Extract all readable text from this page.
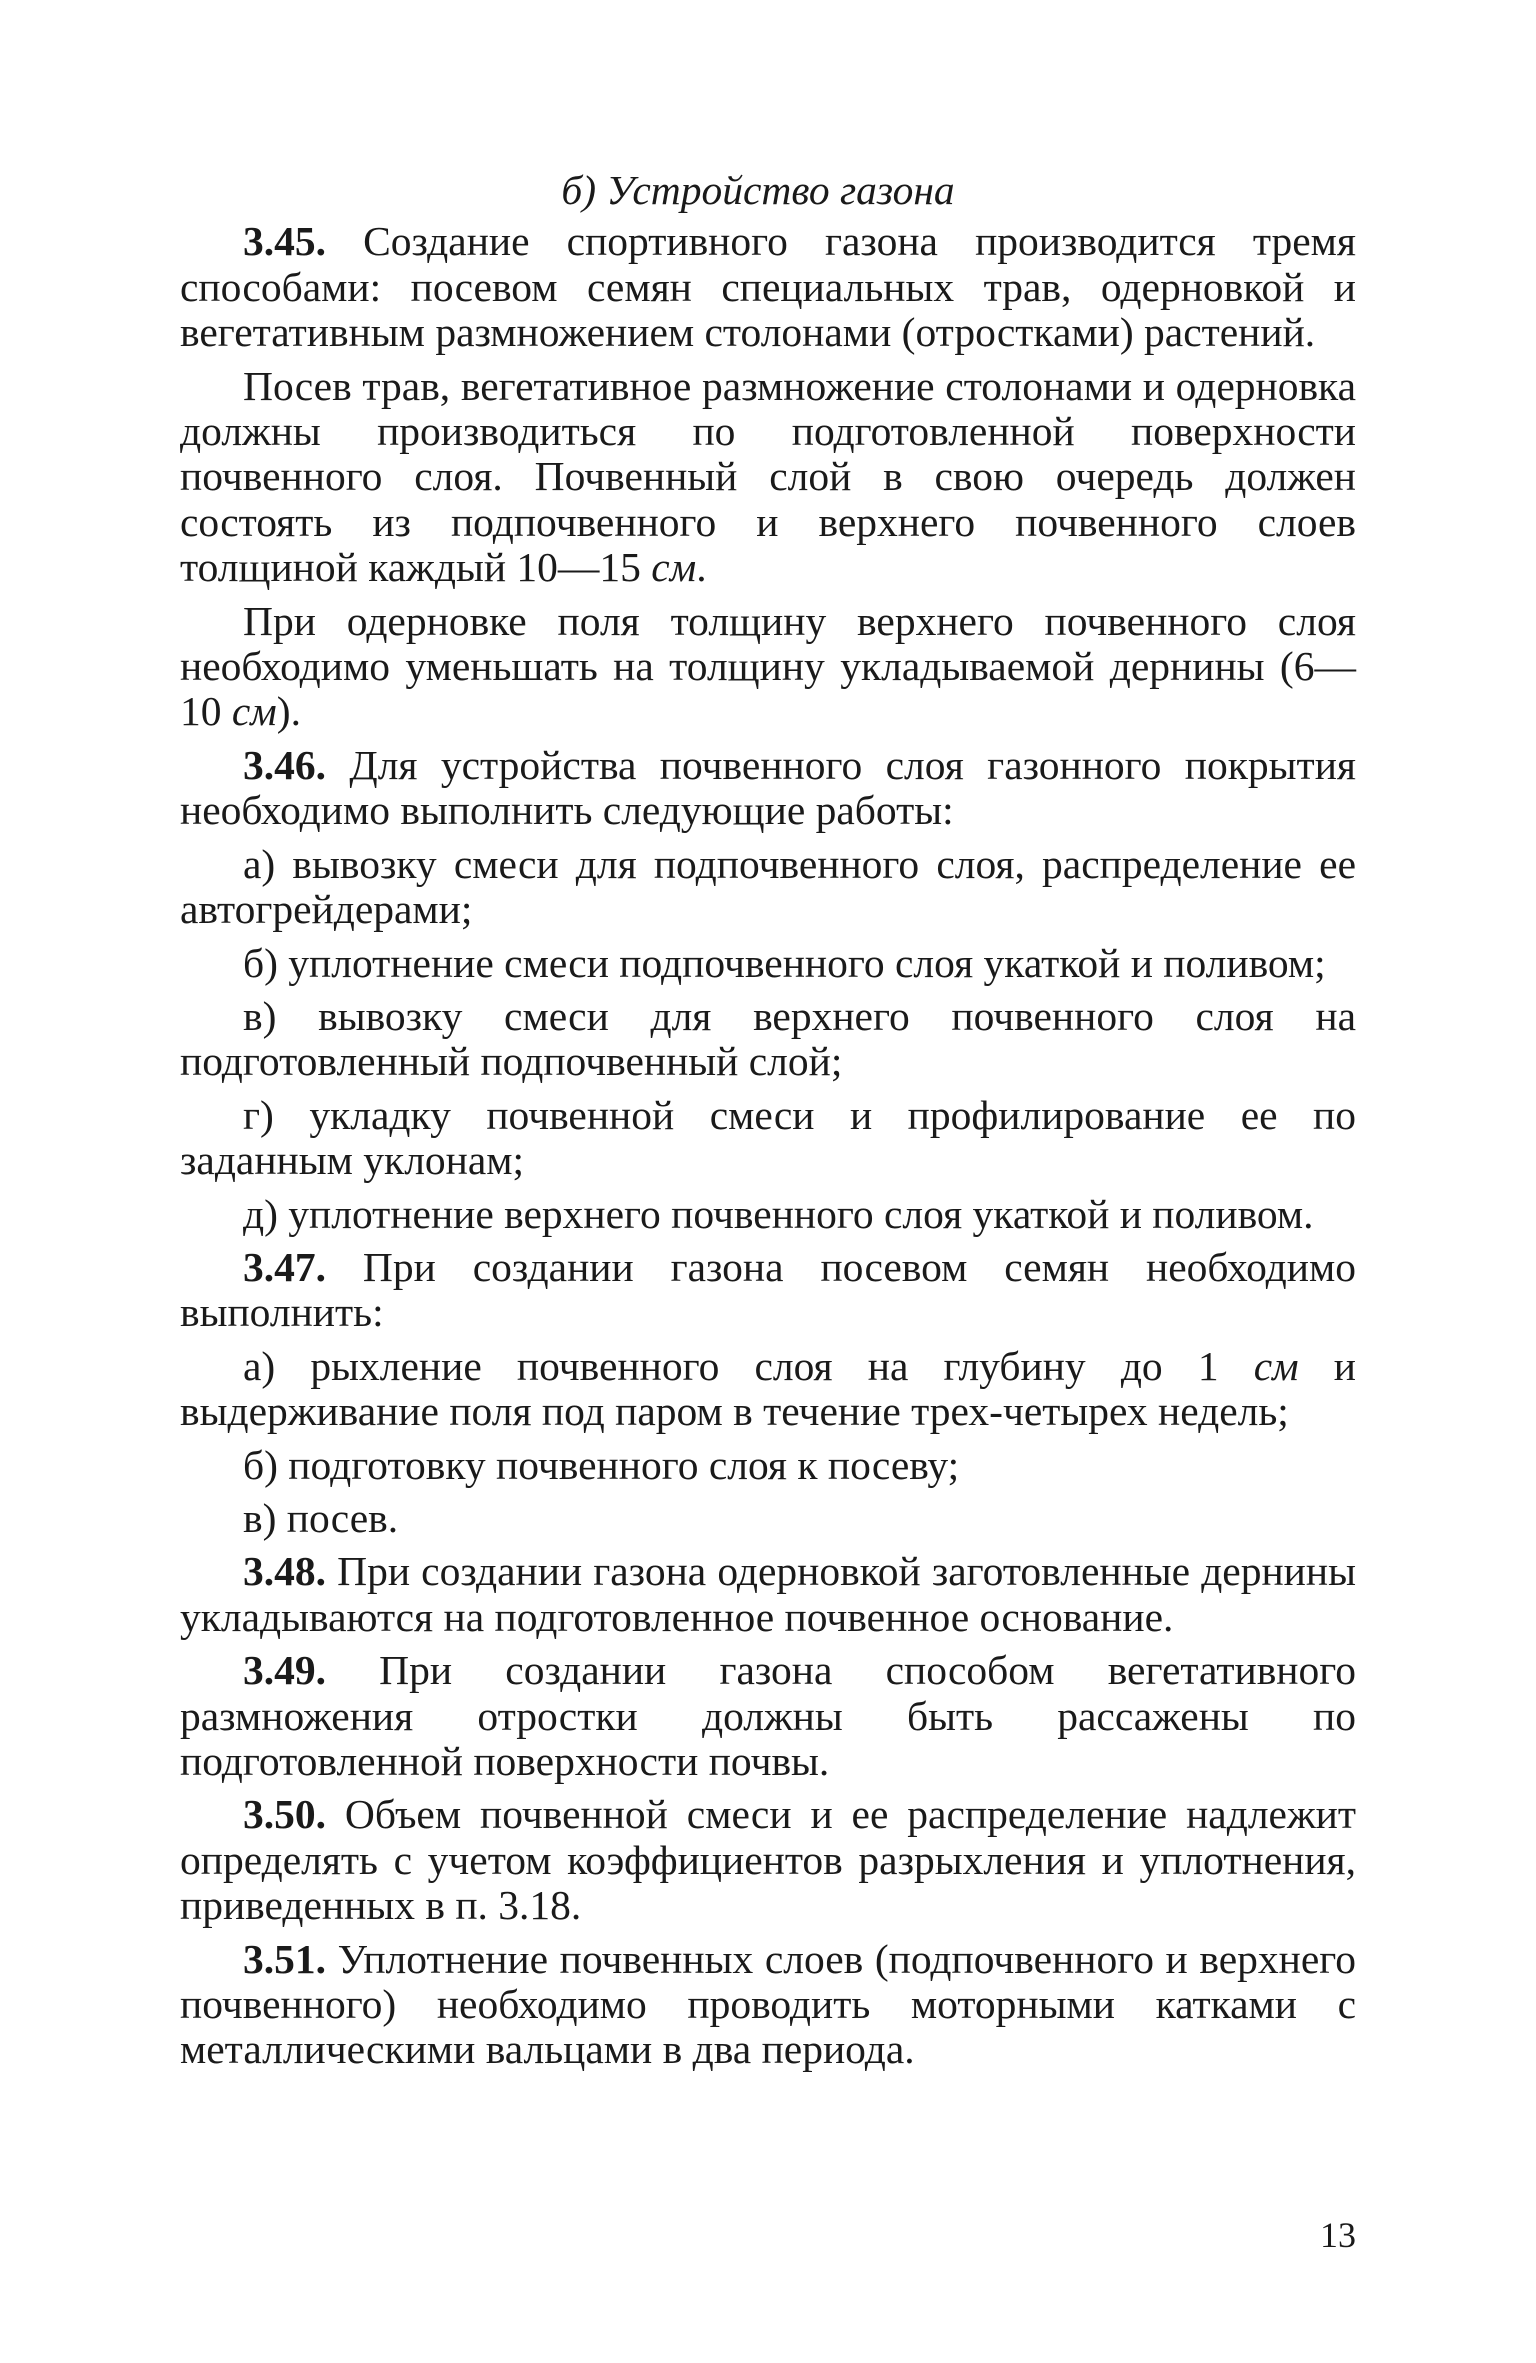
б) Устройство газона

3.45. Создание спортивного газона производится тремя способами: посевом семян специальных трав, одерновкой и вегетативным размножением столонами (отростками) растений.

Посев трав, вегетативное размножение столонами и одерновка должны производиться по подготовленной поверхности почвенного слоя. Почвенный слой в свою очередь должен состоять из подпочвенного и верхнего почвенного слоев толщиной каждый 10—15 см.

При одерновке поля толщину верхнего почвенного слоя необходимо уменьшать на толщину укладываемой дернины (6—10 см).

3.46. Для устройства почвенного слоя газонного покрытия необходимо выполнить следующие работы:

а) вывозку смеси для подпочвенного слоя, распределение ее автогрейдерами;

б) уплотнение смеси подпочвенного слоя укаткой и поливом;

в) вывозку смеси для верхнего почвенного слоя на подготовленный подпочвенный слой;

г) укладку почвенной смеси и профилирование ее по заданным уклонам;

д) уплотнение верхнего почвенного слоя укаткой и поливом.

3.47. При создании газона посевом семян необходимо выполнить:

а) рыхление почвенного слоя на глубину до 1 см и выдерживание поля под паром в течение трех-четырех недель;

б) подготовку почвенного слоя к посеву;

в) посев.

3.48. При создании газона одерновкой заготовленные дернины укладываются на подготовленное почвенное основание.

3.49. При создании газона способом вегетативного размножения отростки должны быть рассажены по подготовленной поверхности почвы.

3.50. Объем почвенной смеси и ее распределение надлежит определять с учетом коэффициентов разрыхления и уплотнения, приведенных в п. 3.18.

3.51. Уплотнение почвенных слоев (подпочвенного и верхнего почвенного) необходимо проводить моторными катками с металлическими вальцами в два периода.

13
